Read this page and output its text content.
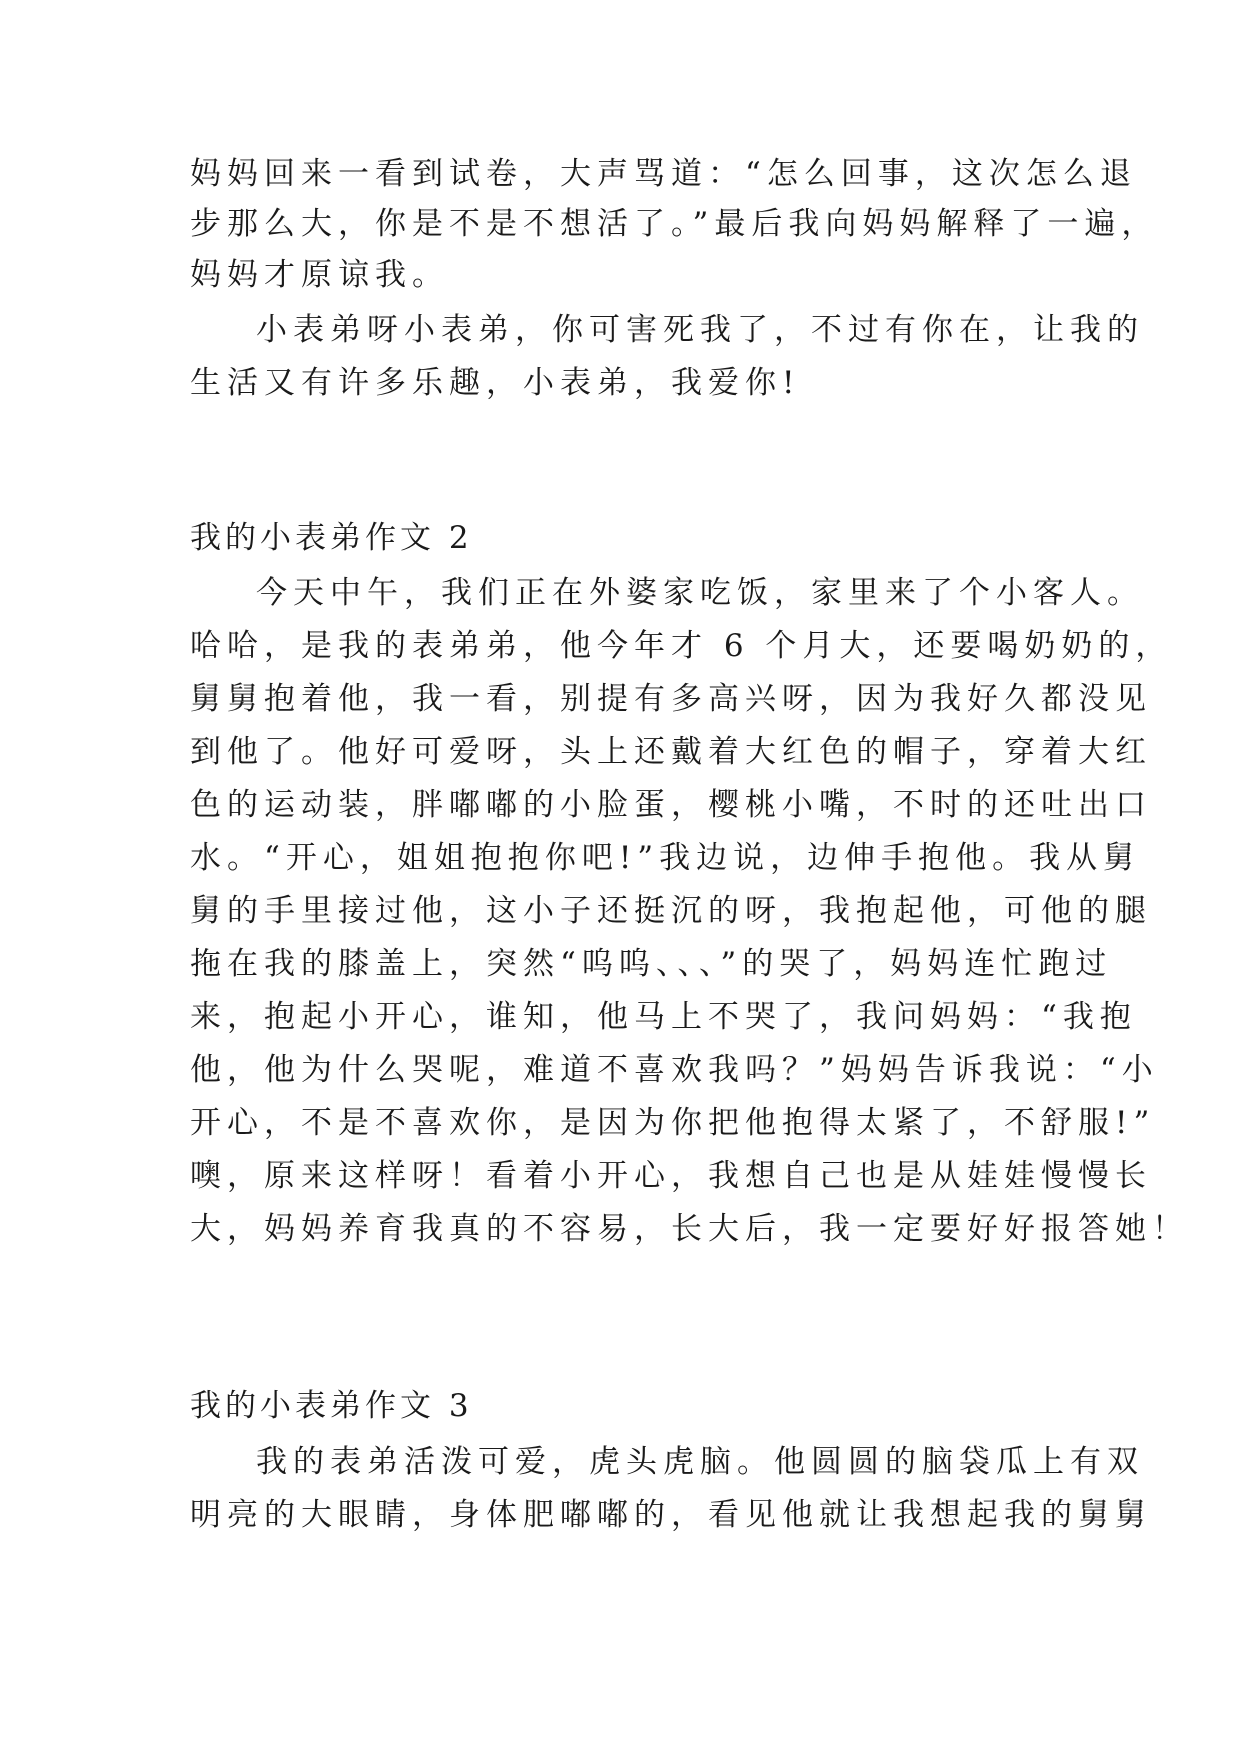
妈妈回来一看到试卷，大声骂道：“怎么回事，这次怎么退
步那么大，你是不是不想活了。”最后我向妈妈解释了一遍，
妈妈才原谅我。
小表弟呀小表弟，你可害死我了，不过有你在，让我的
生活又有许多乐趣，小表弟，我爱你!
我的小表弟作文 2
今天中午，我们正在外婆家吃饭，家里来了个小客人。
哈哈，是我的表弟弟，他今年才 6 个月大，还要喝奶奶的，
舅舅抱着他，我一看，别提有多高兴呀，因为我好久都没见
到他了。他好可爱呀，头上还戴着大红色的帽子，穿着大红
色的运动装，胖嘟嘟的小脸蛋，樱桃小嘴，不时的还吐出口
水。“开心，姐姐抱抱你吧!”我边说，边伸手抱他。我从舅
舅的手里接过他，这小子还挺沉的呀，我抱起他，可他的腿
拖在我的膝盖上，突然“呜呜、、、”的哭了，妈妈连忙跑过
来，抱起小开心，谁知，他马上不哭了，我问妈妈：“我抱
他，他为什么哭呢，难道不喜欢我吗？”妈妈告诉我说：“小
开心，不是不喜欢你，是因为你把他抱得太紧了，不舒服!”
噢，原来这样呀！看着小开心，我想自己也是从娃娃慢慢长
大，妈妈养育我真的不容易，长大后，我一定要好好报答她！
我的小表弟作文 3
我的表弟活泼可爱，虎头虎脑。他圆圆的脑袋瓜上有双
明亮的大眼睛，身体肥嘟嘟的，看见他就让我想起我的舅舅
